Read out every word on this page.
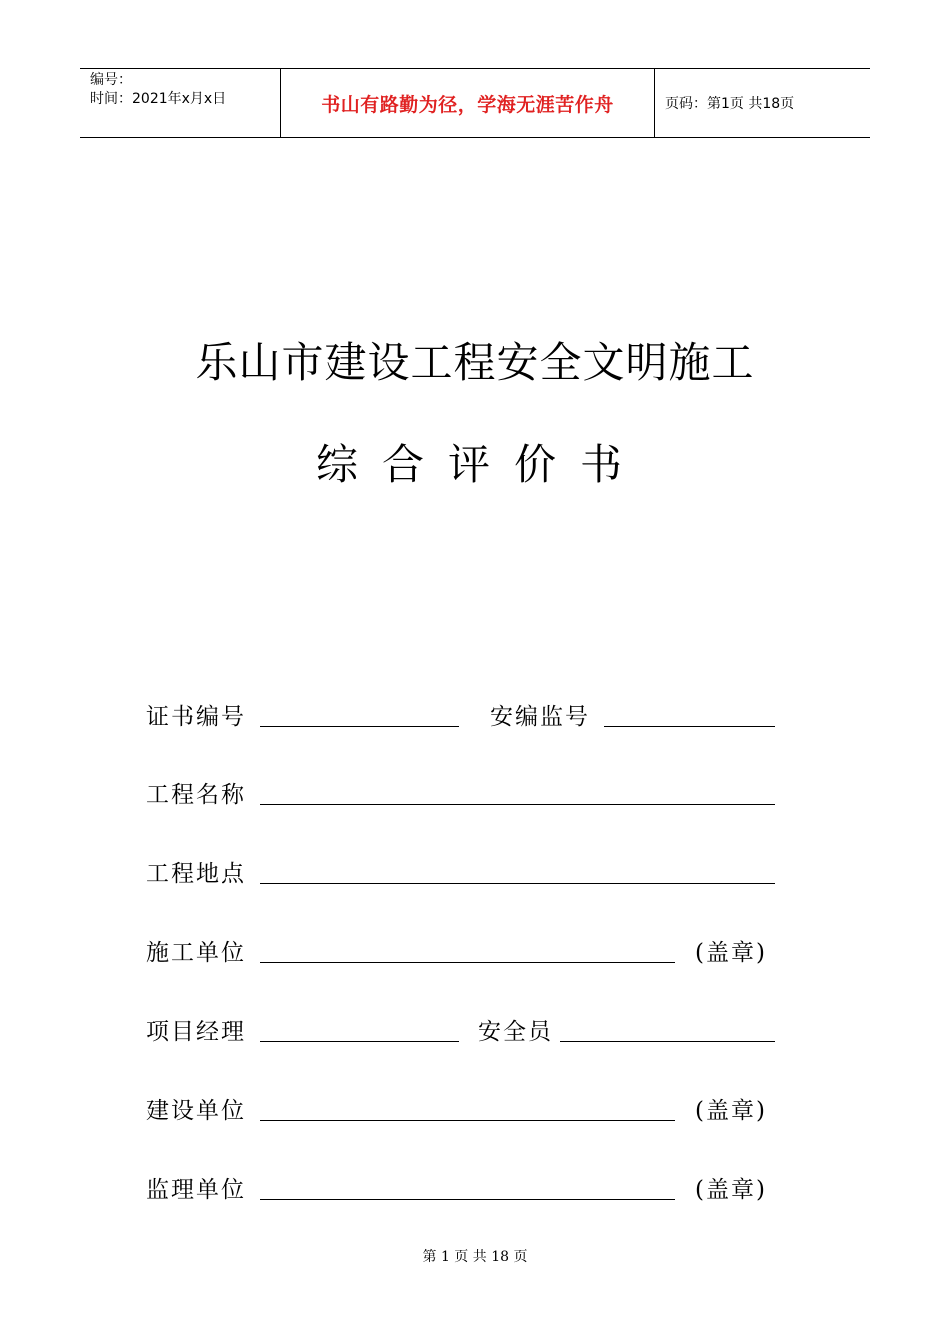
编号：
时间：2021年x月x日	书山有路勤为径，学海无涯苦作舟	页码：第1页 共18页
乐山市建设工程安全文明施工
综合评价书
证书编号	安编监号
工程名称
工程地点
施工单位	(盖章)
项目经理	安全员
建设单位	(盖章)
监理单位	(盖章)
第 1 页 共 18 页
